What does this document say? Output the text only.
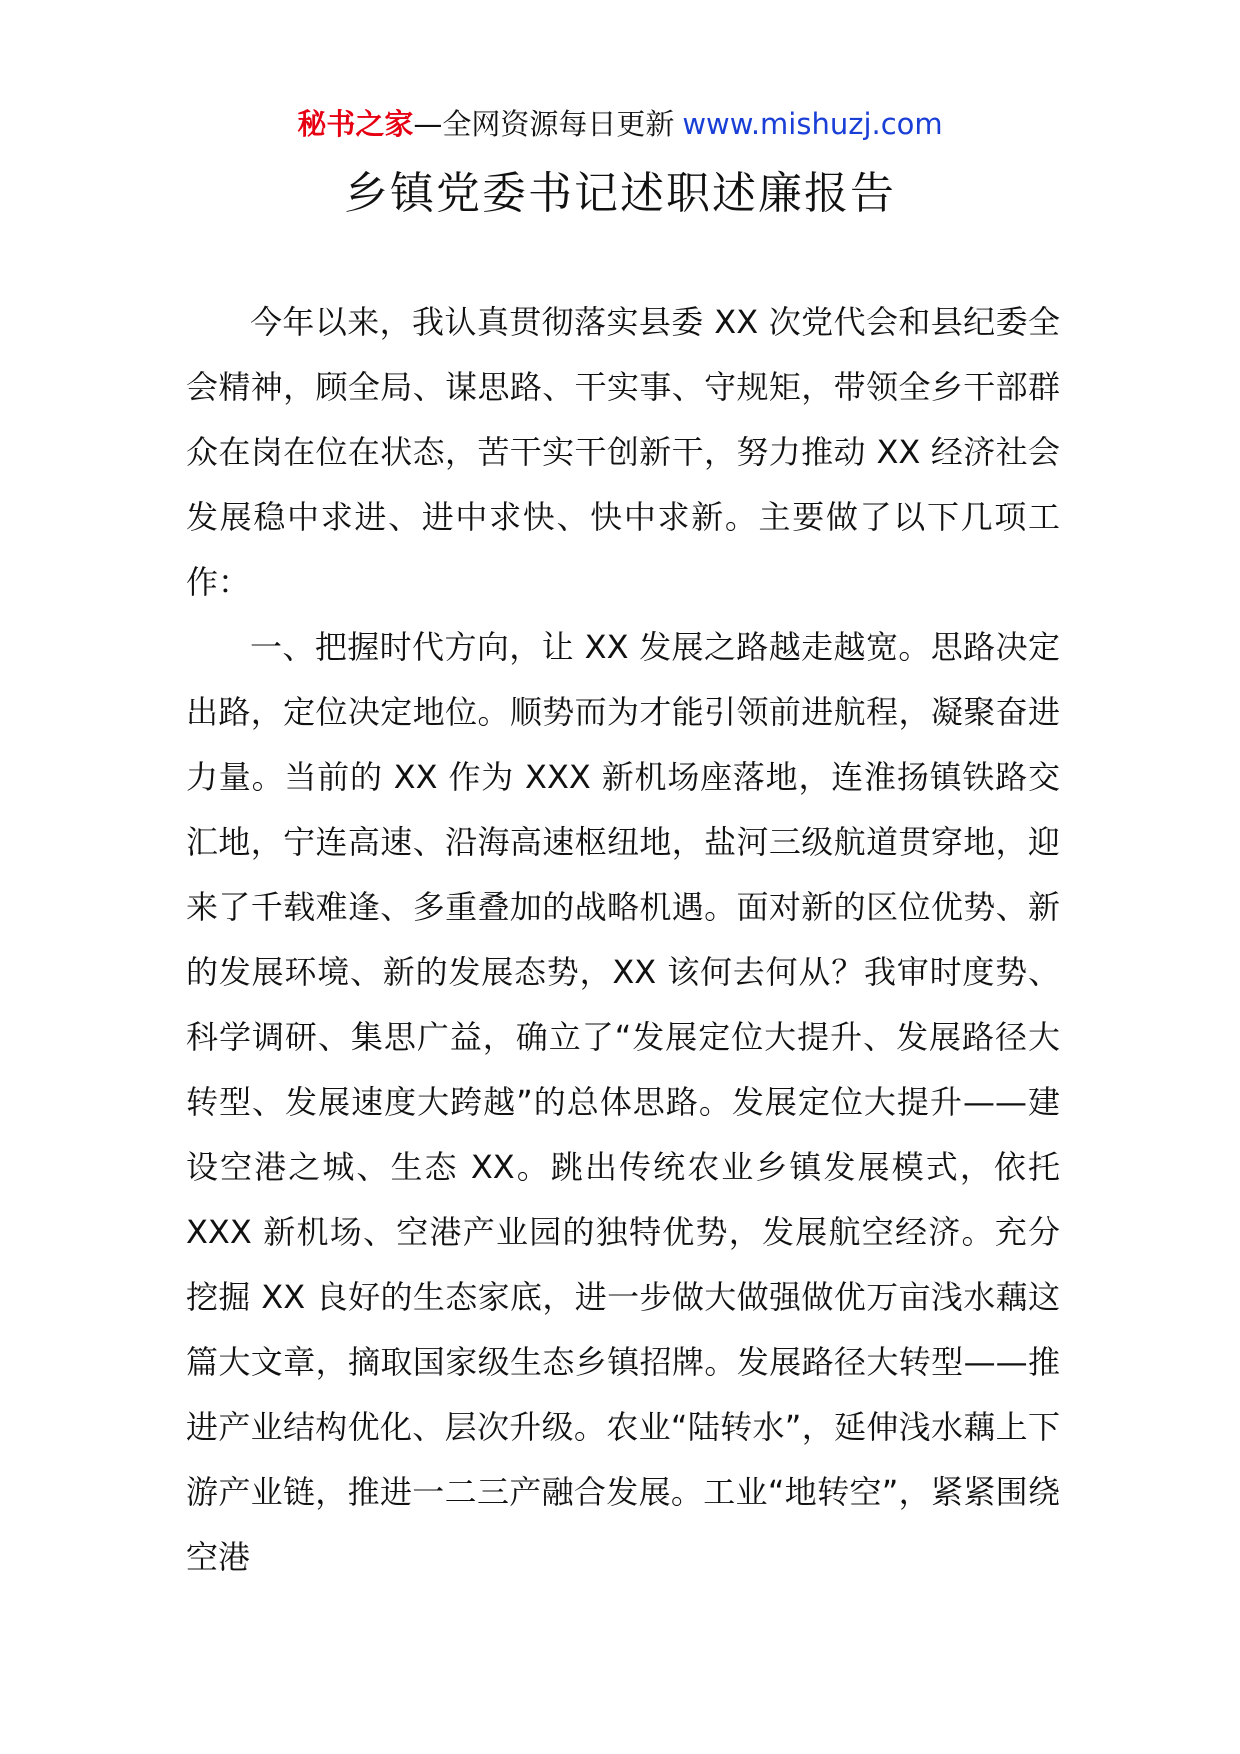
秘书之家—全网资源每日更新 www.mishuzj.com
乡镇党委书记述职述廉报告

今年以来，我认真贯彻落实县委 XX 次党代会和县纪委全会精神，顾全局、谋思路、干实事、守规矩，带领全乡干部群众在岗在位在状态，苦干实干创新干，努力推动 XX 经济社会发展稳中求进、进中求快、快中求新。主要做了以下几项工作：

一、把握时代方向，让 XX 发展之路越走越宽。思路决定出路，定位决定地位。顺势而为才能引领前进航程，凝聚奋进力量。当前的 XX 作为 XXX 新机场座落地，连淮扬镇铁路交汇地，宁连高速、沿海高速枢纽地，盐河三级航道贯穿地，迎来了千载难逢、多重叠加的战略机遇。面对新的区位优势、新的发展环境、新的发展态势，XX 该何去何从？我审时度势、科学调研、集思广益，确立了“发展定位大提升、发展路径大转型、发展速度大跨越”的总体思路。发展定位大提升——建设空港之城、生态 XX。跳出传统农业乡镇发展模式，依托 XXX 新机场、空港产业园的独特优势，发展航空经济。充分挖掘 XX 良好的生态家底，进一步做大做强做优万亩浅水藕这篇大文章，摘取国家级生态乡镇招牌。发展路径大转型——推进产业结构优化、层次升级。农业“陆转水”，延伸浅水藕上下游产业链，推进一二三产融合发展。工业“地转空”，紧紧围绕空港
